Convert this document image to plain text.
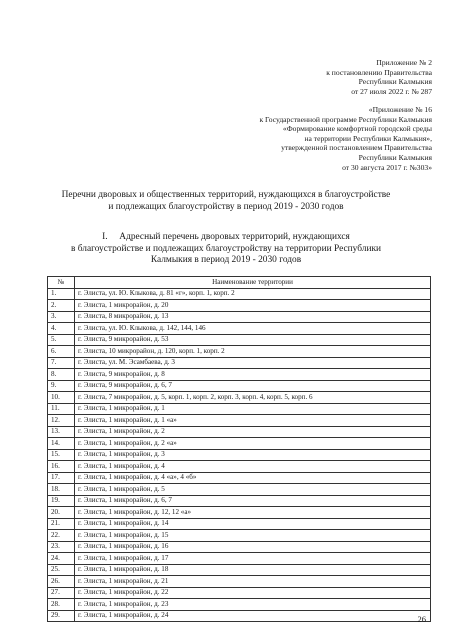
Приложение № 2
к постановлению Правительства
Республики Калмыкия
от 27 июля 2022 г. № 287
«Приложение № 16
к Государственной программе Республики Калмыкия
«Формирование комфортной городской среды
на территории Республики Калмыкия»,
утвержденной постановлением Правительства
Республики Калмыкия
от 30 августа 2017 г. №303»
Перечни дворовых и общественных территорий, нуждающихся в благоустройстве
и подлежащих благоустройству в период 2019 - 2030 годов
I.     Адресный перечень дворовых территорий, нуждающихся
в благоустройстве и подлежащих благоустройству на территории Республики
Калмыкия в период 2019 - 2030 годов
№	Наименование территории
1.	г. Элиста, ул. Ю. Клыкова, д. 81 «г», корп. 1, корп. 2
2.	г. Элиста, 1 микрорайон, д. 20
3.	г. Элиста, 8 микрорайон, д. 13
4.	г. Элиста, ул. Ю. Клыкова, д. 142, 144, 146
5.	г. Элиста, 9 микрорайон, д. 53
6.	г. Элиста, 10 микрорайон, д. 120, корп. 1, корп. 2
7.	г. Элиста, ул. М. Эсамбаева, д. 3
8.	г. Элиста, 9 микрорайон, д. 8
9.	г. Элиста, 9 микрорайон, д. 6, 7
10.	г. Элиста, 7 микрорайон, д. 5, корп. 1, корп. 2, корп. 3, корп. 4, корп. 5, корп. 6
11.	г. Элиста, 1 микрорайон, д. 1
12.	г. Элиста, 1 микрорайон, д. 1 «а»
13.	г. Элиста, 1 микрорайон, д. 2
14.	г. Элиста, 1 микрорайон, д. 2 «а»
15.	г. Элиста, 1 микрорайон, д. 3
16.	г. Элиста, 1 микрорайон, д. 4
17.	г. Элиста, 1 микрорайон, д. 4 «а», 4 «б»
18.	г. Элиста, 1 микрорайон, д. 5
19.	г. Элиста, 1 микрорайон, д. 6, 7
20.	г. Элиста, 1 микрорайон, д. 12, 12 «а»
21.	г. Элиста, 1 микрорайон, д. 14
22.	г. Элиста, 1 микрорайон, д. 15
23.	г. Элиста, 1 микрорайон, д. 16
24.	г. Элиста, 1 микрорайон, д. 17
25.	г. Элиста, 1 микрорайон, д. 18
26.	г. Элиста, 1 микрорайон, д. 21
27.	г. Элиста, 1 микрорайон, д. 22
28.	г. Элиста, 1 микрорайон, д. 23
29.	г. Элиста, 1 микрорайон, д. 24	26
